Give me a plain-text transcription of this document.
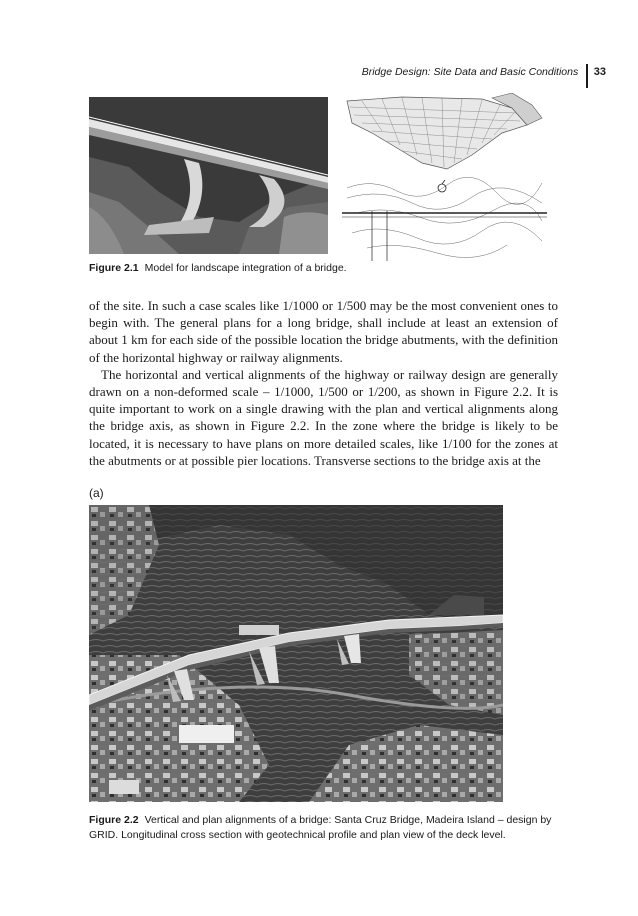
Bridge Design: Site Data and Basic Conditions 33
Figure 2.1 Model for landscape integration of a bridge.

of the site. In such a case scales like 1/1000 or 1/500 may be the most convenient ones to begin with. The general plans for a long bridge, shall include at least an extension of about 1 km for each side of the possible location the bridge abutments, with the definition of the horizontal highway or railway alignments.

The horizontal and vertical alignments of the highway or railway design are generally drawn on a non-deformed scale – 1/1000, 1/500 or 1/200, as shown in Figure 2.2. It is quite important to work on a single drawing with the plan and vertical alignments along the bridge axis, as shown in Figure 2.2. In the zone where the bridge is likely to be located, it is necessary to have plans on more detailed scales, like 1/100 for the zones at the abutments or at possible pier locations. Transverse sections to the bridge axis at the

(a)
Figure 2.2 Vertical and plan alignments of a bridge: Santa Cruz Bridge, Madeira Island – design by GRID. Longitudinal cross section with geotechnical profile and plan view of the deck level.
